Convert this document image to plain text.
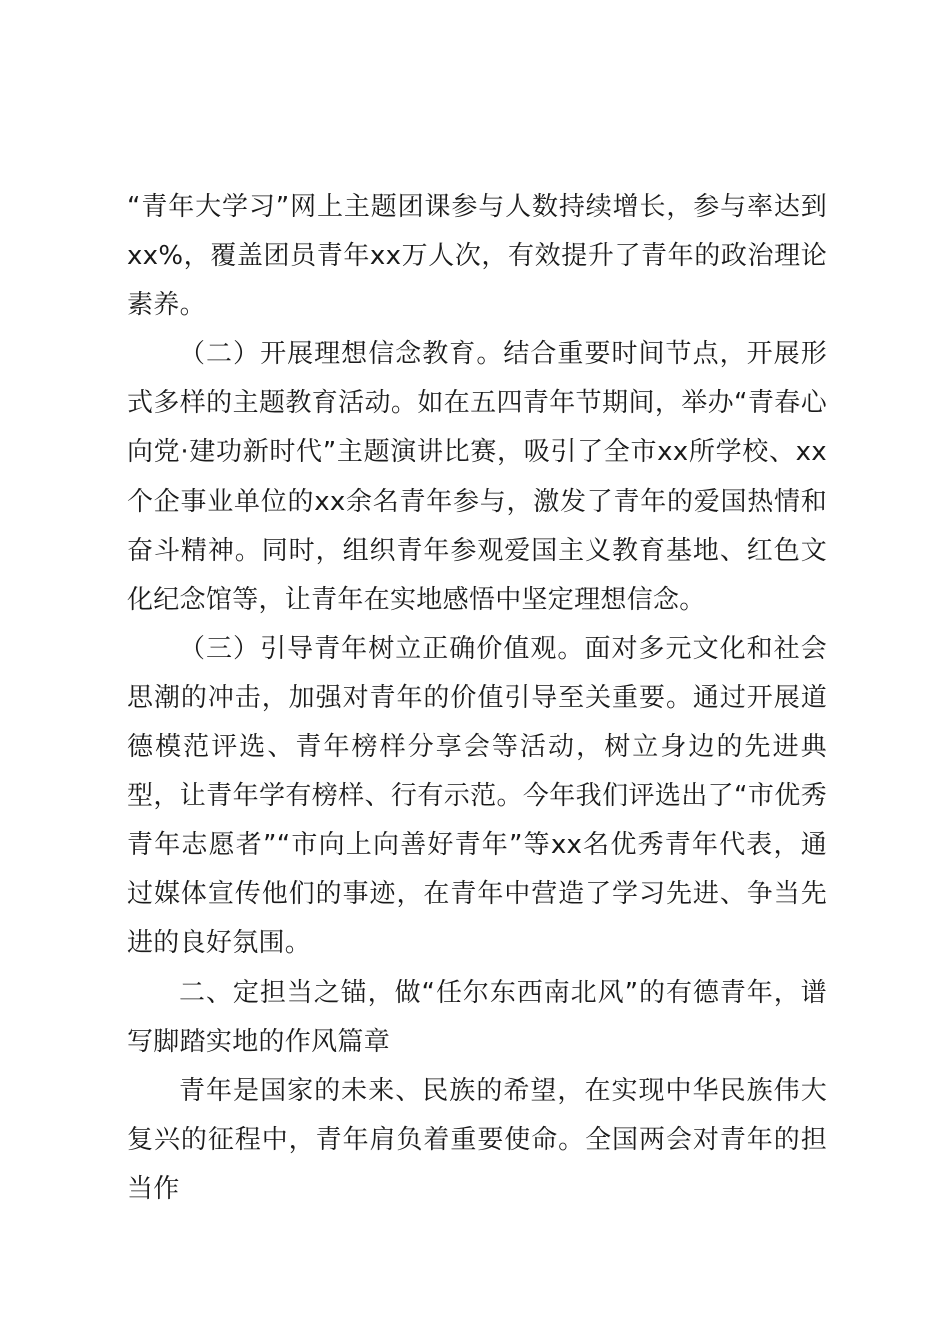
“青年大学习”网上主题团课参与人数持续增长，参与率达到xx%，覆盖团员青年xx万人次，有效提升了青年的政治理论素养。

（二）开展理想信念教育。结合重要时间节点，开展形式多样的主题教育活动。如在五四青年节期间，举办“青春心向党·建功新时代”主题演讲比赛，吸引了全市xx所学校、xx个企事业单位的xx余名青年参与，激发了青年的爱国热情和奋斗精神。同时，组织青年参观爱国主义教育基地、红色文化纪念馆等，让青年在实地感悟中坚定理想信念。

（三）引导青年树立正确价值观。面对多元文化和社会思潮的冲击，加强对青年的价值引导至关重要。通过开展道德模范评选、青年榜样分享会等活动，树立身边的先进典型，让青年学有榜样、行有示范。今年我们评选出了“市优秀青年志愿者”“市向上向善好青年”等xx名优秀青年代表，通过媒体宣传他们的事迹，在青年中营造了学习先进、争当先进的良好氛围。

二、定担当之锚，做“任尔东西南北风”的有德青年，谱写脚踏实地的作风篇章

青年是国家的未来、民族的希望，在实现中华民族伟大复兴的征程中，青年肩负着重要使命。全国两会对青年的担当作
